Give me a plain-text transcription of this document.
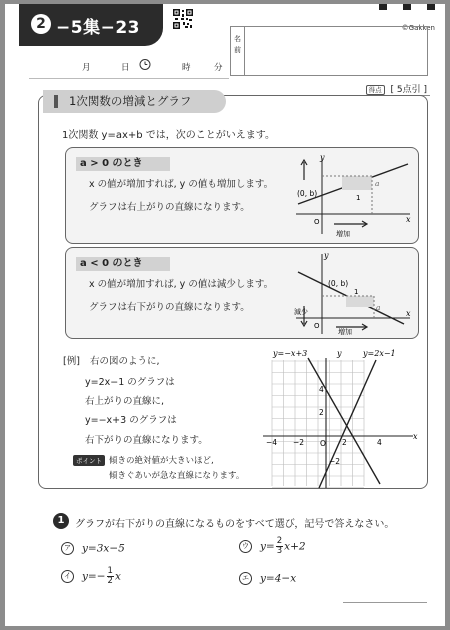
2 −5集−23	©Gakken
月	日	時	分
名前
得点 [ 5点引 ]
1次関数の増減とグラフ
1次関数 y=ax+b では，次のことがいえます。
a > 0 のとき
x の値が増加すれば, y の値も増加します。
グラフは右上がりの直線になります。
y
x
O
(0, b)
a
1
増加
a < 0 のとき
x の値が増加すれば, y の値は減少します。
グラフは右下がりの直線になります。
y
x
O
(0, b)
a
1
増加
減少
[例] 右の図のように,
y=2x−1 のグラフは
右上がりの直線に,
y=−x+3 のグラフは
右下がりの直線になります。
ポイント 傾きの絶対値が大きいほど,
傾きぐあいが急な直線になります。
y=−x+3	y=2x−1
y
x
O
−4 −2	2	4
4
2
−2
1	グラフが右下がりの直線になるものをすべて選び，記号で答えなさい。
ア y=3x−5	ウ $y= \frac{2}{3} x+2$
イ $y=- \frac{1}{2}$ x	エ y=4−x
